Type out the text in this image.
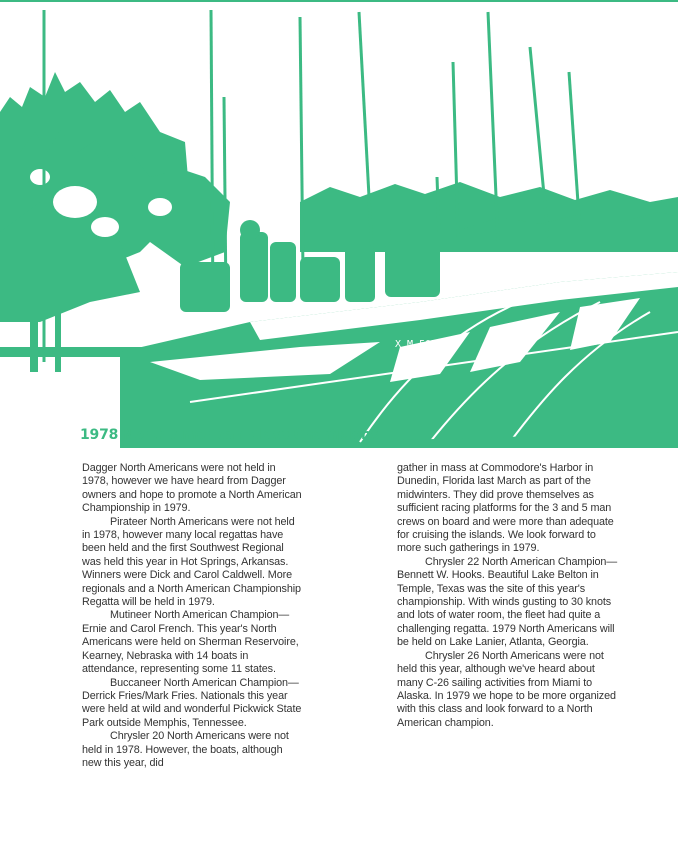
X M 5075 C
1978 North American Class Champions

Dagger North Americans were not held in 1978, however we have heard from Dagger owners and hope to promote a North American Championship in 1979.

Pirateer North Americans were not held in 1978, however many local regattas have been held and the first Southwest Regional was held this year in Hot Springs, Arkansas. Winners were Dick and Carol Caldwell. More regionals and a North American Championship Regatta will be held in 1979.

Mutineer North American Champion—Ernie and Carol French. This year's North Americans were held on Sherman Reservoire, Kearney, Nebraska with 14 boats in attendance, representing some 11 states.

Buccaneer North American Champion—Derrick Fries/Mark Fries. Nationals this year were held at wild and wonderful Pickwick State Park outside Memphis, Tennessee.

Chrysler 20 North Americans were not held in 1978. However, the boats, although new this year, did

gather in mass at Commodore's Harbor in Dunedin, Florida last March as part of the midwinters. They did prove themselves as sufficient racing platforms for the 3 and 5 man crews on board and were more than adequate for cruising the islands. We look forward to more such gatherings in 1979.

Chrysler 22 North American Champion—Bennett W. Hooks. Beautiful Lake Belton in Temple, Texas was the site of this year's championship. With winds gusting to 30 knots and lots of water room, the fleet had quite a challenging regatta. 1979 North Americans will be held on Lake Lanier, Atlanta, Georgia.

Chrysler 26 North Americans were not held this year, although we've heard about many C-26 sailing activities from Miami to Alaska. In 1979 we hope to be more organized with this class and look forward to a North American champion.
